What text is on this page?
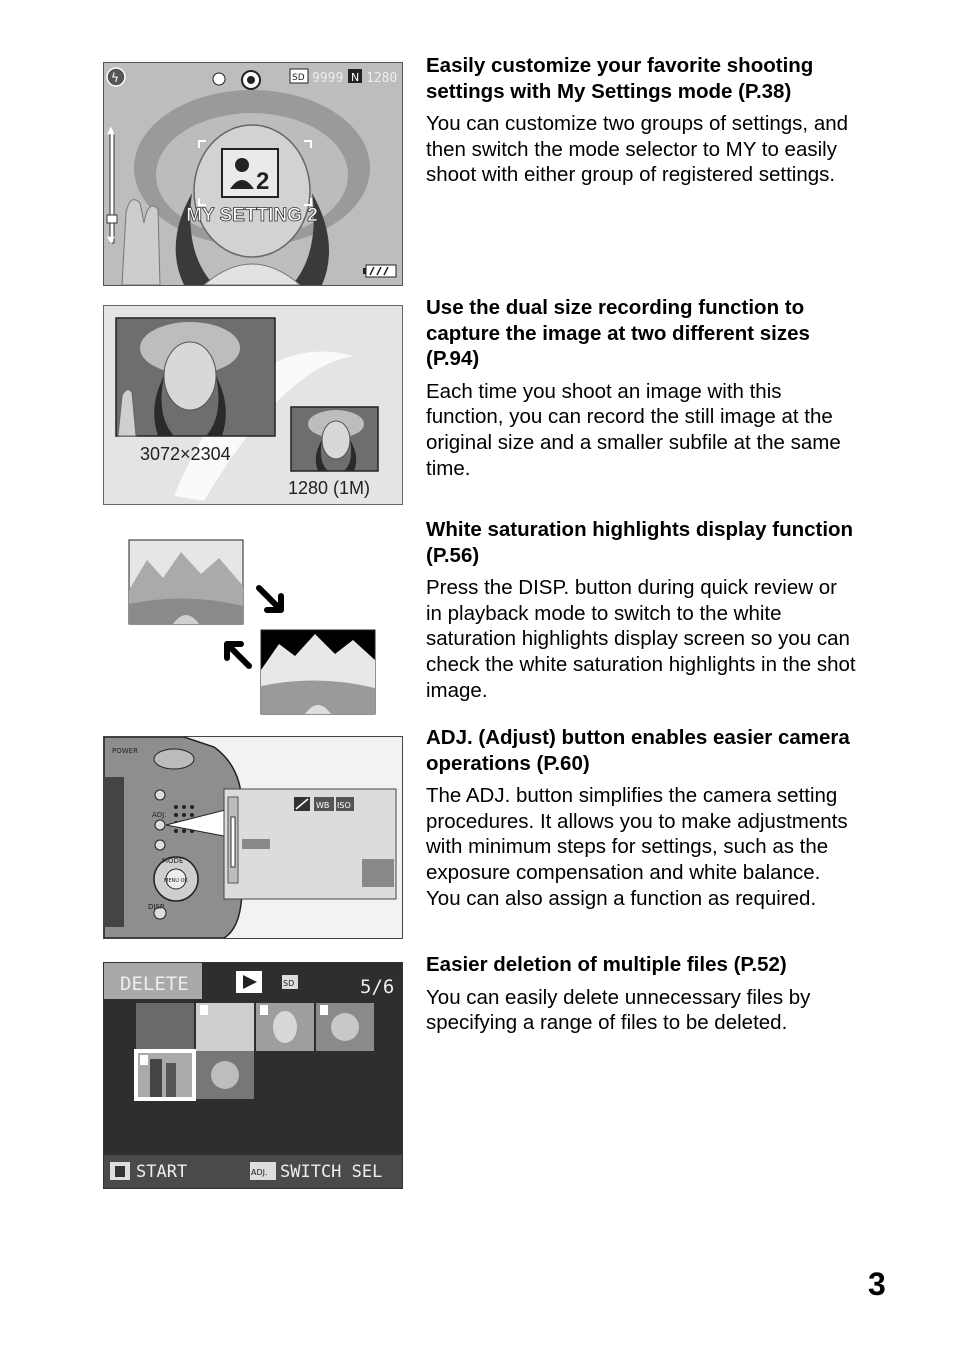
▲
▼
ϟ	SD 9999 N 1280
2
MY SETTING 2
Easily customize your favorite shooting settings with My Settings mode (P.38)

You can customize two groups of settings, and then switch the mode selector to MY to easily shoot with either group of registered settings.

3072×2304
1280 (1M)
Use the dual size recording function to capture the image at two different sizes (P.94)

Each time you shoot an image with this function, you can record the still image at the original size and a smaller subfile at the same time.

White saturation highlights display function (P.56)

Press the DISP. button during quick review or in playback mode to switch to the white saturation highlights display screen so you can check the white saturation highlights in the shot image.

POWER
ADJ.
MODE
MENU OK
DISP.
WB ISO
ADJ. (Adjust) button enables easier camera operations (P.60)

The ADJ. button simplifies the camera setting procedures. It allows you to make adjustments with minimum steps for settings, such as the exposure compensation and white balance. You can also assign a function as required.

DELETE	SD	5/6
START	ADJ. SWITCH SEL
Easier deletion of multiple files (P.52)

You can easily delete unnecessary files by specifying a range of files to be deleted.

3
